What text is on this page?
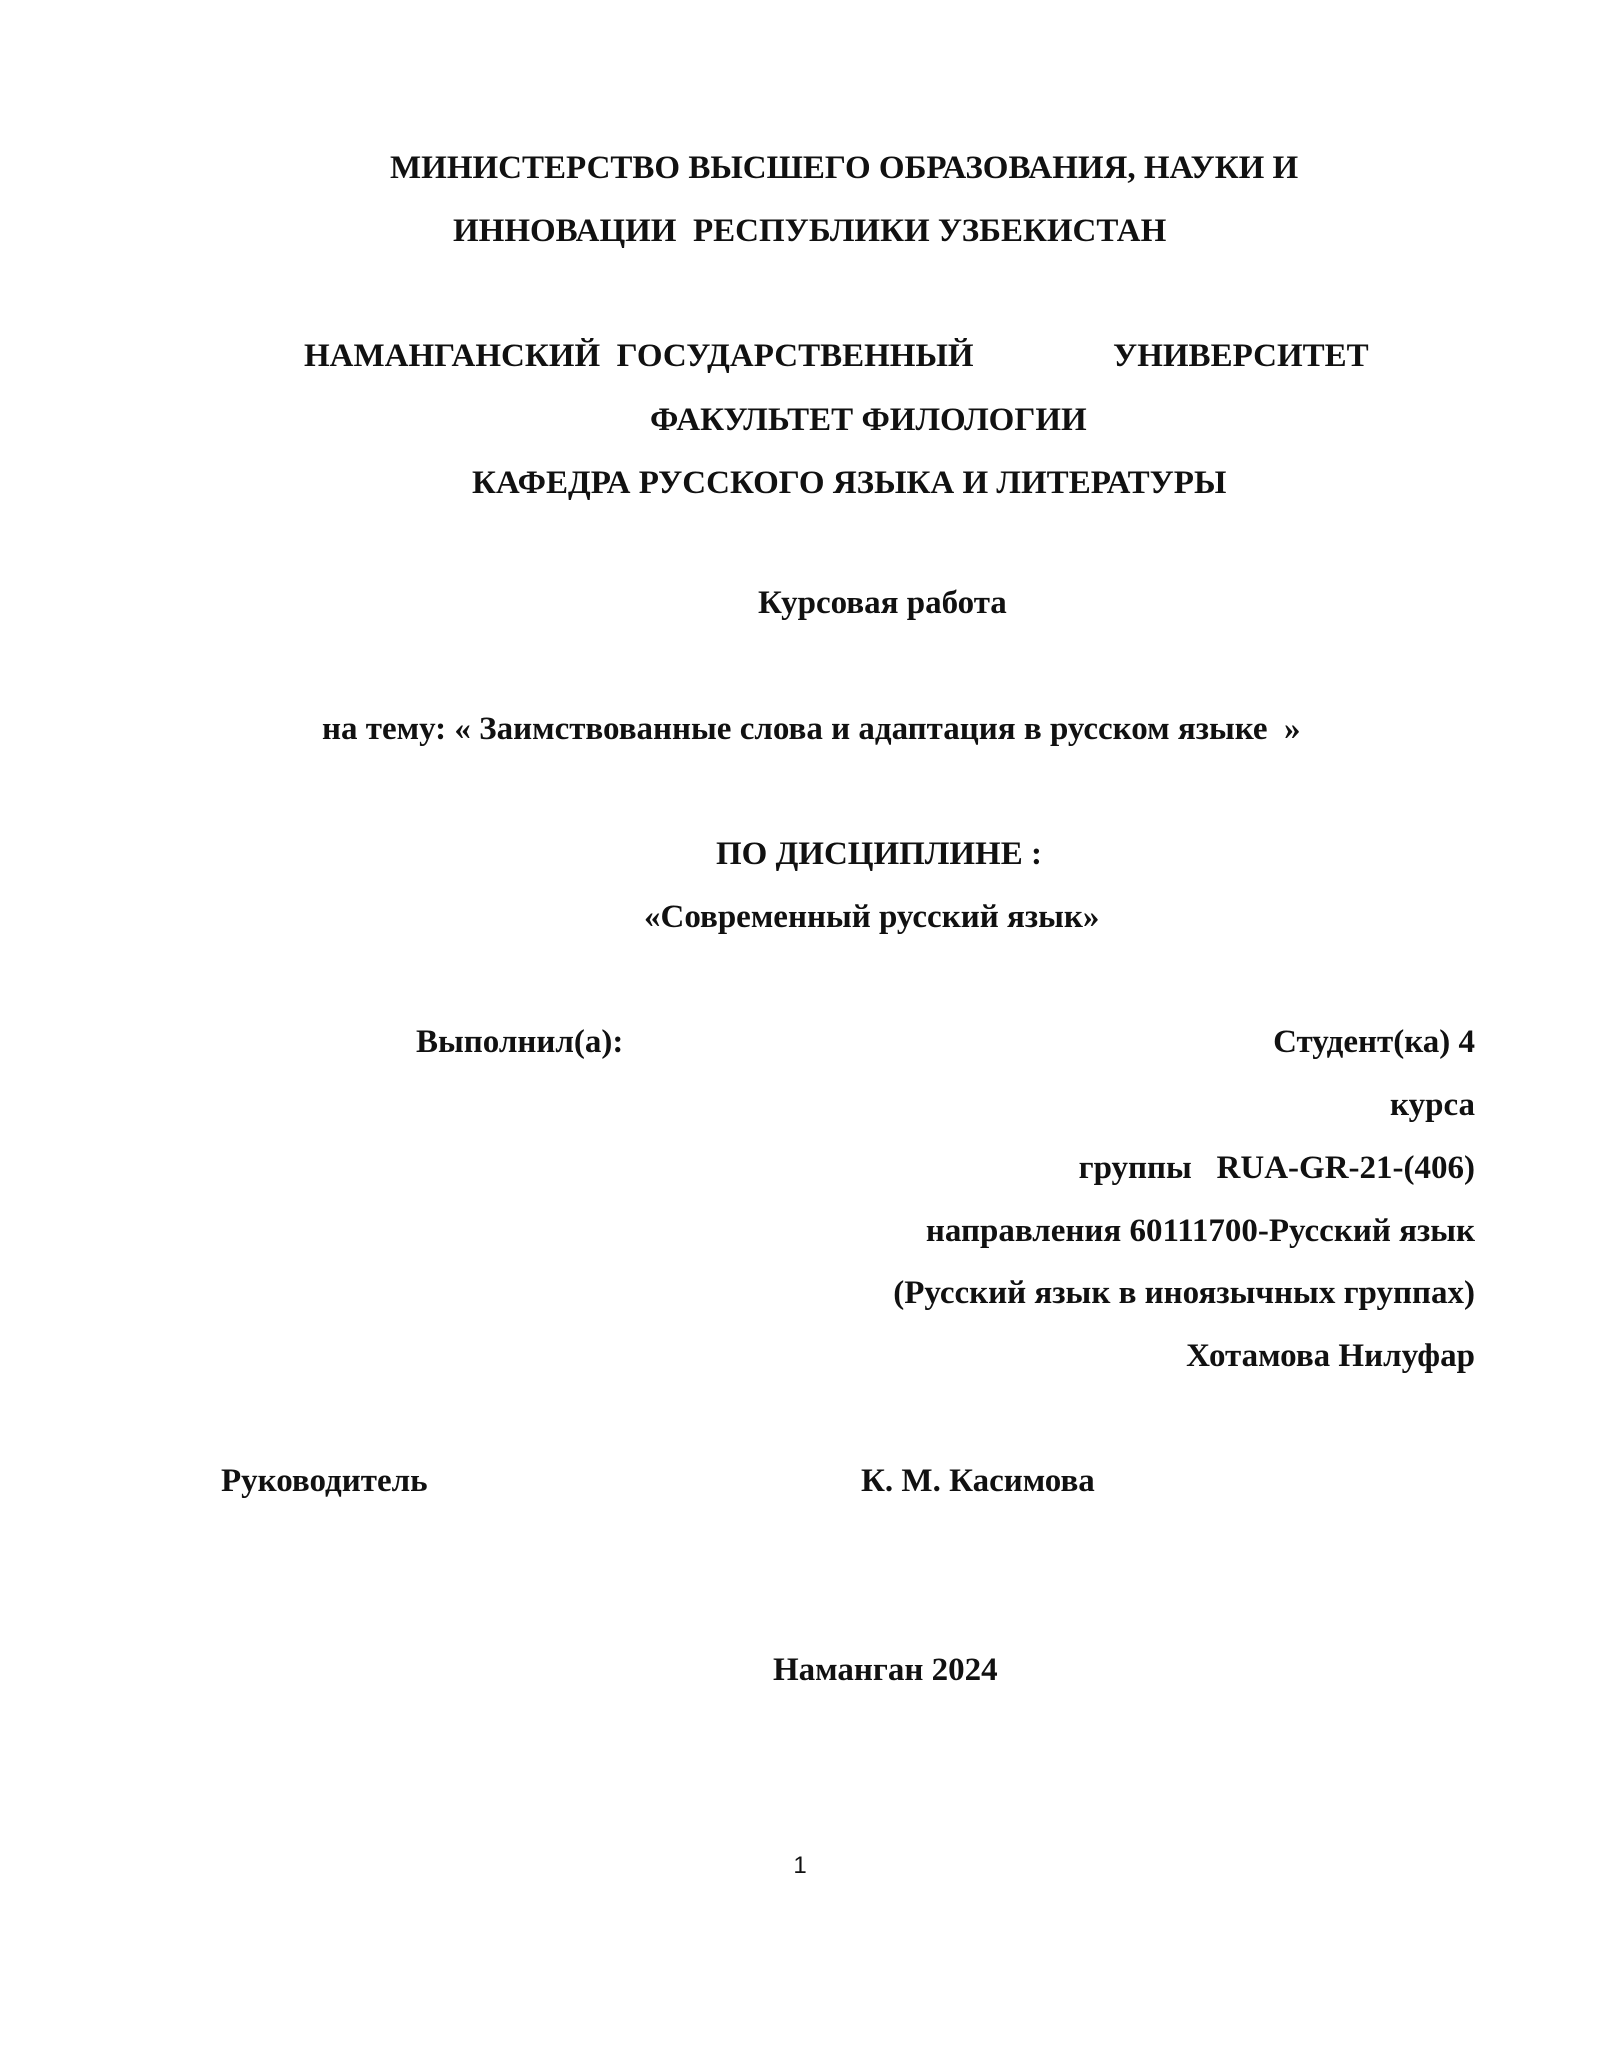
МИНИСТЕРСТВО ВЫСШЕГО ОБРАЗОВАНИЯ, НАУКИ И
ИННОВАЦИИ  РЕСПУБЛИКИ УЗБЕКИСТАН
НАМАНГАНСКИЙ  ГОСУДАРСТВЕННЫЙ	УНИВЕРСИТЕТ
ФАКУЛЬТЕТ ФИЛОЛОГИИ
КАФЕДРА РУССКОГО ЯЗЫКА И ЛИТЕРАТУРЫ
Курсовая работа
на тему: « Заимствованные слова и адаптация в русском языке  »
ПО ДИСЦИПЛИНЕ :
«Современный русский язык»
Выполнил(а):	Студент(ка) 4
курса
группы   RUA-GR-21-(406)
направления 60111700-Русский язык
(Русский язык в иноязычных группах)
Хотамова Нилуфар
Руководитель	К. М. Касимова
Наманган 2024
1
